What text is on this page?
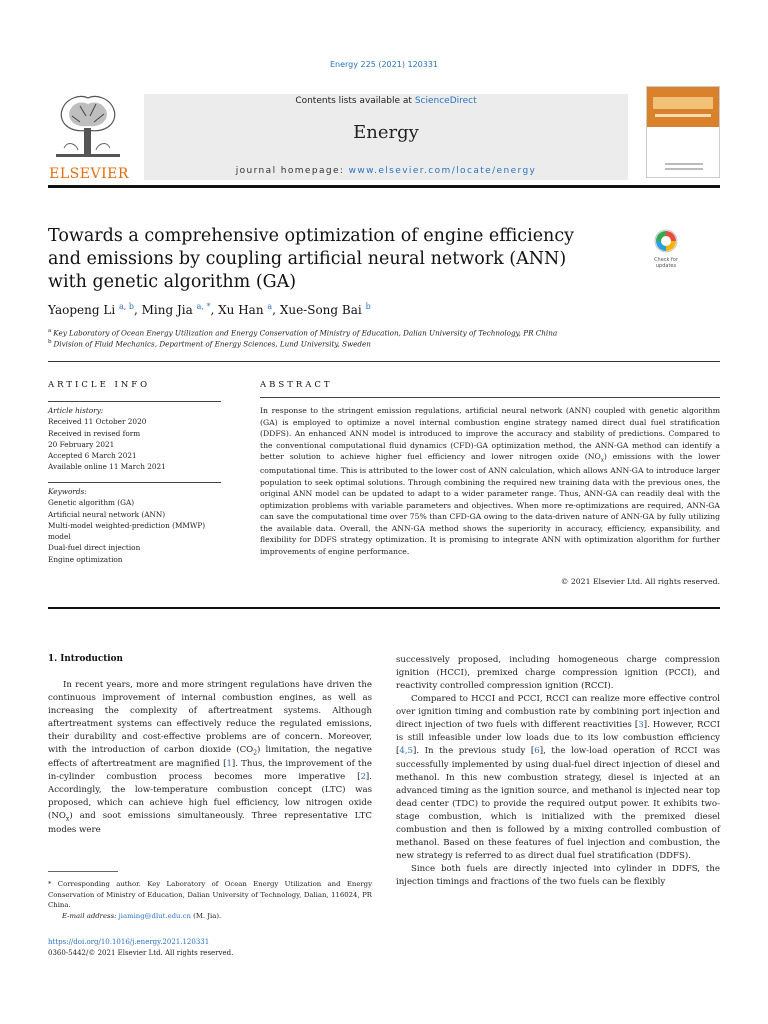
Energy 225 (2021) 120331
ELSEVIER
Contents lists available at ScienceDirect
Energy
journal homepage: www.elsevier.com/locate/energy
Towards a comprehensive optimization of engine efficiency and emissions by coupling artificial neural network (ANN) with genetic algorithm (GA)
Check for updates
Yaopeng Li $^{a, b}$, Ming Jia $^{a, *}$, Xu Han $^a$, Xue-Song Bai $^b$
$^a$ Key Laboratory of Ocean Energy Utilization and Energy Conservation of Ministry of Education, Dalian University of Technology, PR China
$^b$ Division of Fluid Mechanics, Department of Energy Sciences, Lund University, Sweden
ARTICLE INFO	ABSTRACT
Article history:
Received 11 October 2020
Received in revised form
20 February 2021
Accepted 6 March 2021
Available online 11 March 2021
Keywords:
Genetic algorithm (GA)
Artificial neural network (ANN)
Multi-model weighted-prediction (MMWP)
model
Dual-fuel direct injection
Engine optimization
In response to the stringent emission regulations, artificial neural network (ANN) coupled with genetic algorithm (GA) is employed to optimize a novel internal combustion engine strategy named direct dual fuel stratification (DDFS). An enhanced ANN model is introduced to improve the accuracy and stability of predictions. Compared to the conventional computational fluid dynamics (CFD)-GA optimization method, the ANN-GA method can identify a better solution to achieve higher fuel efficiency and lower nitrogen oxide $(NO_x)$ emissions with the lower computational time. This is attributed to the lower cost of ANN calculation, which allows ANN-GA to introduce larger population to seek optimal solutions. Through combining the required new training data with the previous ones, the original ANN model can be updated to adapt to a wider parameter range. Thus, ANN-GA can readily deal with the optimization problems with variable parameters and objectives. When more re-optimizations are required, ANN-GA can save the computational time over 75% than CFD-GA owing to the data-driven nature of ANN-GA by fully utilizing the available data. Overall, the ANN-GA method shows the superiority in accuracy, efficiency, expansibility, and flexibility for DDFS strategy optimization. It is promising to integrate ANN with optimization algorithm for further improvements of engine performance.
© 2021 Elsevier Ltd. All rights reserved.
1. Introduction

In recent years, more and more stringent regulations have driven the continuous improvement of internal combustion engines, as well as increasing the complexity of aftertreatment systems. Although aftertreatment systems can effectively reduce the regulated emissions, their durability and cost-effective problems are of concern. Moreover, with the introduction of carbon dioxide $(CO_2)$ limitation, the negative effects of aftertreatment are magnified [1]. Thus, the improvement of the in-cylinder combustion process becomes more imperative [2]. Accordingly, the low-temperature combustion concept (LTC) was proposed, which can achieve high fuel efficiency, low nitrogen oxide $(NO_x)$ and soot emissions simultaneously. Three representative LTC modes were

successively proposed, including homogeneous charge compression ignition (HCCI), premixed charge compression ignition (PCCI), and reactivity controlled compression ignition (RCCI).

Compared to HCCI and PCCI, RCCI can realize more effective control over ignition timing and combustion rate by combining port injection and direct injection of two fuels with different reactivities [3]. However, RCCI is still infeasible under low loads due to its low combustion efficiency [4,5]. In the previous study [6], the low-load operation of RCCI was successfully implemented by using dual-fuel direct injection of diesel and methanol. In this new combustion strategy, diesel is injected at an advanced timing as the ignition source, and methanol is injected near top dead center (TDC) to provide the required output power. It exhibits two-stage combustion, which is initialized with the premixed diesel combustion and then is followed by a mixing controlled combustion of methanol. Based on these features of fuel injection and combustion, the new strategy is referred to as direct dual fuel stratification (DDFS).

Since both fuels are directly injected into cylinder in DDFS, the injection timings and fractions of the two fuels can be flexibly

* Corresponding author. Key Laboratory of Ocean Energy Utilization and Energy Conservation of Ministry of Education, Dalian University of Technology, Dalian, 116024, PR China.
E-mail address: jiaming@dlut.edu.cn (M. Jia).
https://doi.org/10.1016/j.energy.2021.120331
0360-5442/© 2021 Elsevier Ltd. All rights reserved.
